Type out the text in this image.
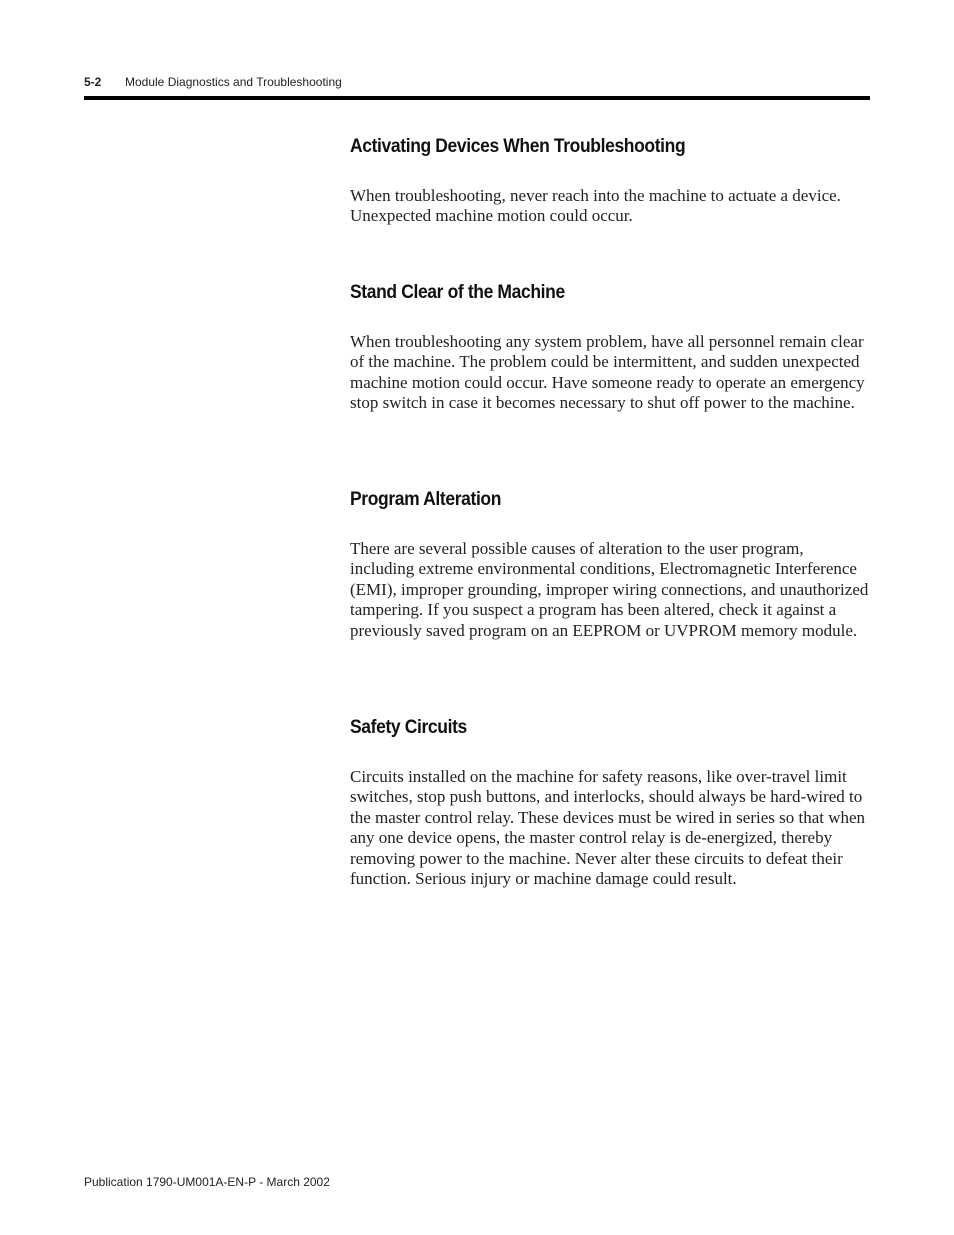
5-2 Module Diagnostics and Troubleshooting
Activating Devices When Troubleshooting

When troubleshooting, never reach into the machine to actuate a device. Unexpected machine motion could occur.

Stand Clear of the Machine

When troubleshooting any system problem, have all personnel remain clear of the machine. The problem could be intermittent, and sudden unexpected machine motion could occur. Have someone ready to operate an emergency stop switch in case it becomes necessary to shut off power to the machine.

Program Alteration

There are several possible causes of alteration to the user program, including extreme environmental conditions, Electromagnetic Interference (EMI), improper grounding, improper wiring connections, and unauthorized tampering. If you suspect a program has been altered, check it against a previously saved program on an EEPROM or UVPROM memory module.

Safety Circuits

Circuits installed on the machine for safety reasons, like over-travel limit switches, stop push buttons, and interlocks, should always be hard-wired to the master control relay. These devices must be wired in series so that when any one device opens, the master control relay is de-energized, thereby removing power to the machine. Never alter these circuits to defeat their function. Serious injury or machine damage could result.

Publication 1790-UM001A-EN-P - March 2002
